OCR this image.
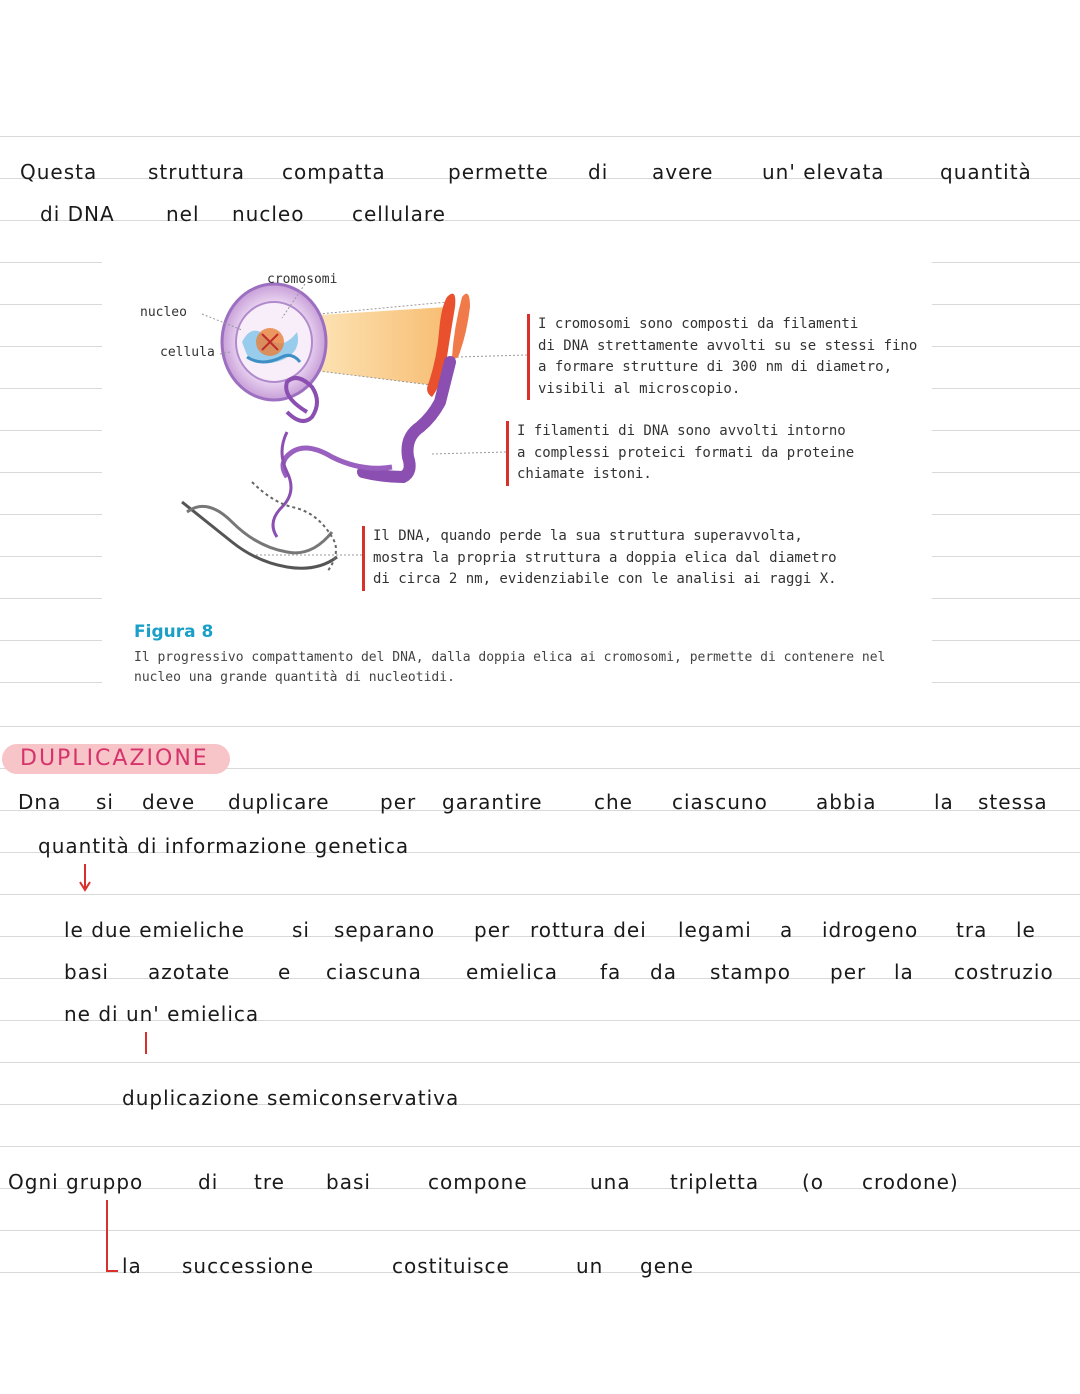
Questa	struttura compatta	permette di avere un' elevata	quantità
di DNA	nel nucleo cellulare
cromosomi
nucleo
cellula
I cromosomi sono composti da filamenti
di DNA strettamente avvolti su se stessi fino
a formare strutture di 300 nm di diametro,
visibili al microscopio.
I filamenti di DNA sono avvolti intorno
a complessi proteici formati da proteine
chiamate istoni.
Il DNA, quando perde la sua struttura superavvolta,
mostra la propria struttura a doppia elica dal diametro
di circa 2 nm, evidenziabile con le analisi ai raggi X.
Figura 8
Il progressivo compattamento del DNA, dalla doppia elica ai cromosomi, permette di contenere nel
nucleo una grande quantità di nucleotidi.
DUPLICAZIONE
Dna si deve duplicare	per garantire	che ciascuno abbia	la stessa
quantità di informazione genetica
le due emieliche si separano per rottura dei legami a idrogeno tra le
basi azotate e ciascuna emielica fa da stampo per la costruzio
ne di un' emielica
duplicazione semiconservativa
Ogni gruppo	di tre basi	compone	una tripletta (o crodone)
la successione	costituisce	un gene
